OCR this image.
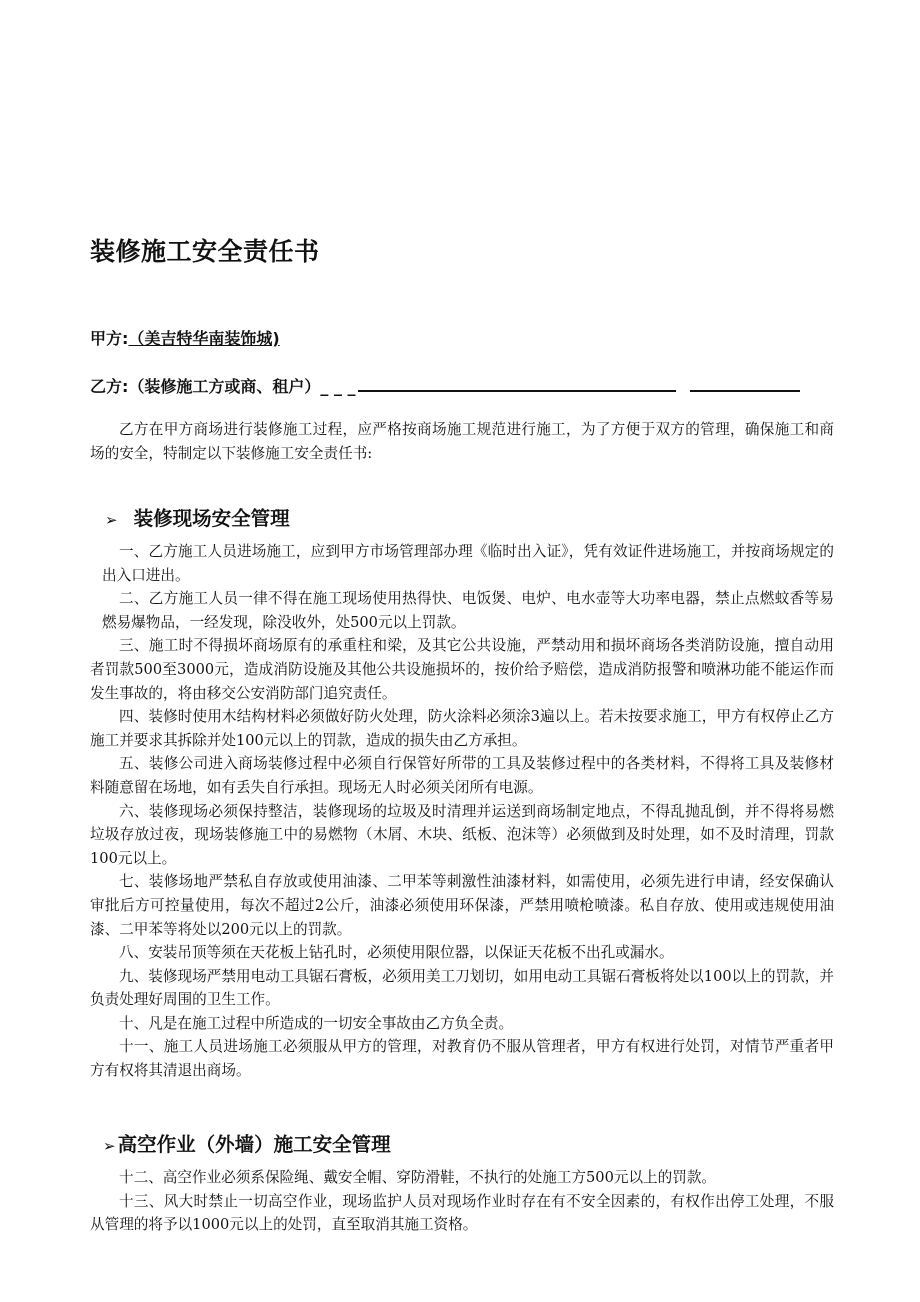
装修施工安全责任书
甲方:（美吉特华南装饰城)
乙方:（装修施工方或商、租户）_ _ _

乙方在甲方商场进行装修施工过程，应严格按商场施工规范进行施工，为了方便于双方的管理，确保施工和商场的安全，特制定以下装修施工安全责任书:

➢ 装修现场安全管理

一、乙方施工人员进场施工，应到甲方市场管理部办理《临时出入证》，凭有效证件进场施工，并按商场规定的出入口进出。

二、乙方施工人员一律不得在施工现场使用热得快、电饭煲、电炉、电水壶等大功率电器，禁止点燃蚊香等易燃易爆物品，一经发现，除没收外，处500元以上罚款。

三、施工时不得损坏商场原有的承重柱和梁，及其它公共设施，严禁动用和损坏商场各类消防设施，擅自动用者罚款500至3000元，造成消防设施及其他公共设施损坏的，按价给予赔偿，造成消防报警和喷淋功能不能运作而发生事故的，将由移交公安消防部门追究责任。

四、装修时使用木结构材料必须做好防火处理，防火涂料必须涂3遍以上。若未按要求施工，甲方有权停止乙方施工并要求其拆除并处100元以上的罚款，造成的损失由乙方承担。

五、装修公司进入商场装修过程中必须自行保管好所带的工具及装修过程中的各类材料，不得将工具及装修材料随意留在场地，如有丢失自行承担。现场无人时必须关闭所有电源。

六、装修现场必须保持整洁，装修现场的垃圾及时清理并运送到商场制定地点，不得乱抛乱倒，并不得将易燃垃圾存放过夜，现场装修施工中的易燃物（木屑、木块、纸板、泡沫等）必须做到及时处理，如不及时清理，罚款100元以上。

七、装修场地严禁私自存放或使用油漆、二甲苯等刺激性油漆材料，如需使用，必须先进行申请，经安保确认审批后方可控量使用，每次不超过2公斤，油漆必须使用环保漆，严禁用喷枪喷漆。私自存放、使用或违规使用油漆、二甲苯等将处以200元以上的罚款。

八、安装吊顶等须在天花板上钻孔时，必须使用限位器，以保证天花板不出孔或漏水。

九、装修现场严禁用电动工具锯石膏板，必须用美工刀划切，如用电动工具锯石膏板将处以100以上的罚款，并负责处理好周围的卫生工作。

十、凡是在施工过程中所造成的一切安全事故由乙方负全责。

十一、施工人员进场施工必须服从甲方的管理，对教育仍不服从管理者，甲方有权进行处罚，对情节严重者甲方有权将其清退出商场。

➢ 高空作业（外墙）施工安全管理

十二、高空作业必须系保险绳、戴安全帽、穿防滑鞋，不执行的处施工方500元以上的罚款。

十三、风大时禁止一切高空作业，现场监护人员对现场作业时存在有不安全因素的，有权作出停工处理，不服从管理的将予以1000元以上的处罚，直至取消其施工资格。
